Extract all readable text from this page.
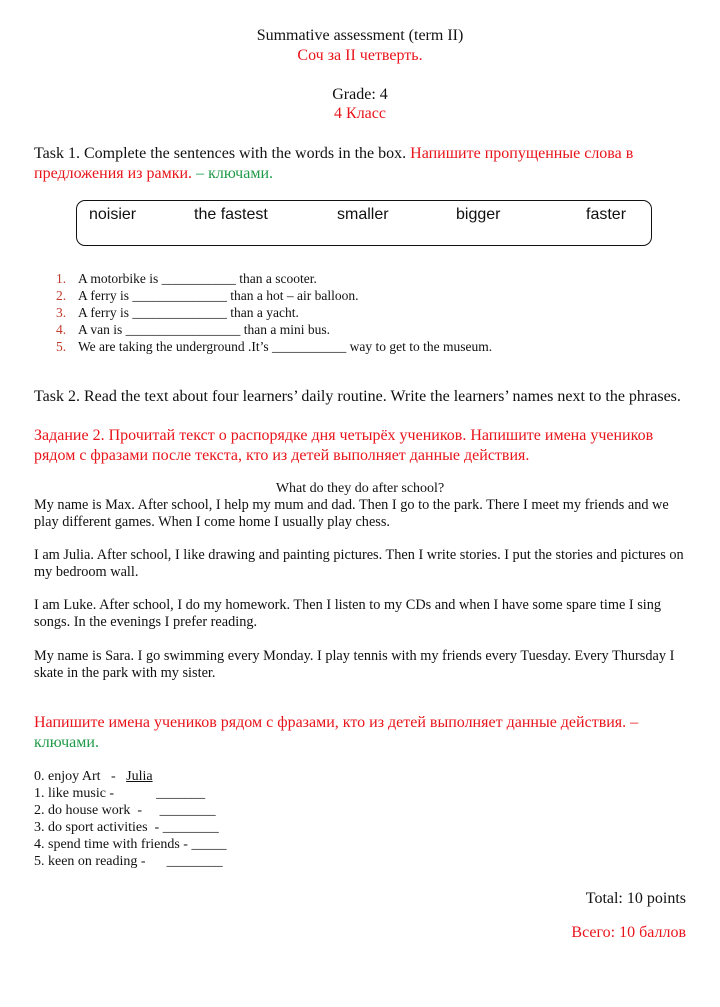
Summative assessment (term II)
Соч за II четверть.
Grade: 4
4 Класс
Task 1. Complete the sentences with the words in the box. Напишите пропущенные слова в предложения из рамки. – ключами.
noisier	the fastest	smaller	bigger	faster
1. A motorbike is ___________ than a scooter.
2. A ferry is ______________ than a hot – air balloon.
3. A ferry is ______________ than a yacht.
4. A van is _________________ than a mini bus.
5. We are taking the underground .It’s ___________ way to get to the museum.
Task 2. Read the text about four learners’ daily routine. Write the learners’ names next to the phrases.
Задание 2. Прочитай текст о распорядке дня четырёх учеников. Напишите имена учеников рядом с фразами после текста, кто из детей выполняет данные действия.
What do they do after school?
My name is Max. After school, I help my mum and dad. Then I go to the park. There I meet my friends and we play different games. When I come home I usually play chess.
I am Julia. After school, I like drawing and painting pictures. Then I write stories. I put the stories and pictures on my bedroom wall.
I am Luke. After school, I do my homework. Then I listen to my CDs and when I have some spare time I sing songs. In the evenings I prefer reading.
My name is Sara. I go swimming every Monday. I play tennis with my friends every Tuesday. Every Thursday I skate in the park with my sister.
Напишите имена учеников рядом с фразами, кто из детей выполняет данные действия. – ключами.
0. enjoy Art   -   Julia
1. like music -            _______
2. do house work  -     ________
3. do sport activities  - ________
4. spend time with friends - _____
5. keen on reading -      ________
Total: 10 points
Всего: 10 баллов
